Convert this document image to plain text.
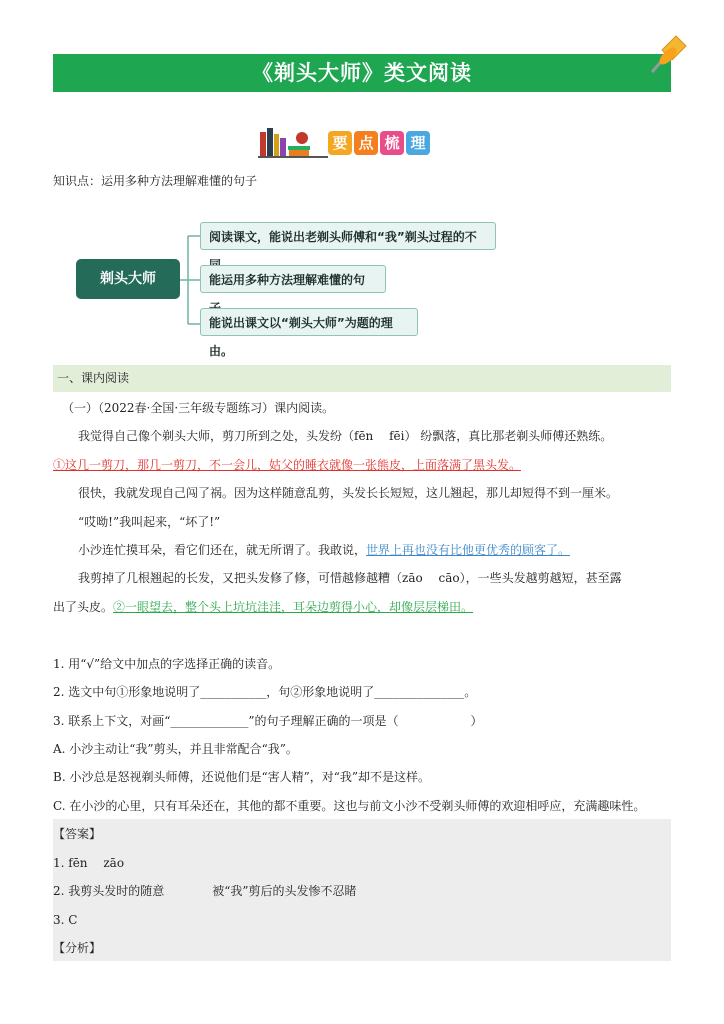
《剃头大师》类文阅读
要 点 梳 理
知识点：运用多种方法理解难懂的句子
剃头大师
阅读课文，能说出老剃头师傅和“我”剃头过程的不
能运用多种方法理解难懂的句
能说出课文以“剃头大师”为题的理由。
一、课内阅读
（一）（2022春·全国·三年级专题练习）课内阅读。
我觉得自己像个剃头大师，剪刀所到之处，头发纷（fēn　 fēi） 纷飘落，真比那老剃头师傅还熟练。
①这几一剪刀，那几一剪刀，不一会儿，姑父的睡衣就像一张熊皮，上面落满了黑头发。
很快，我就发现自己闯了祸。因为这样随意乱剪，头发长长短短，这儿翘起，那儿却短得不到一厘米。
“哎呦!”我叫起来，“坏了!”
小沙连忙摸耳朵，看它们还在，就无所谓了。我敢说，世界上再也没有比他更优秀的顾客了。
我剪掉了几根翘起的长发，又把头发修了修，可惜越修越糟（zāo　 cāo），一些头发越剪越短，甚至露
出了头皮。②一眼望去，整个头上坑坑洼洼，耳朵边剪得小心，却像层层梯田。
1. 用“√”给文中加点的字选择正确的读音。
2. 选文中句①形象地说明了___________，句②形象地说明了_______________。
3. 联系上下文，对画“_____________”的句子理解正确的一项是（　　　　　　）
A. 小沙主动让“我”剪头，并且非常配合“我”。
B. 小沙总是怒视剃头师傅，还说他们是“害人精”，对“我”却不是这样。
C. 在小沙的心里，只有耳朵还在，其他的都不重要。这也与前文小沙不受剃头师傅的欢迎相呼应，充满趣味性。
【答案】
1. fēn　 zāo
2. 我剪头发时的随意	被“我”剪后的头发惨不忍睹
3. C
【分析】
